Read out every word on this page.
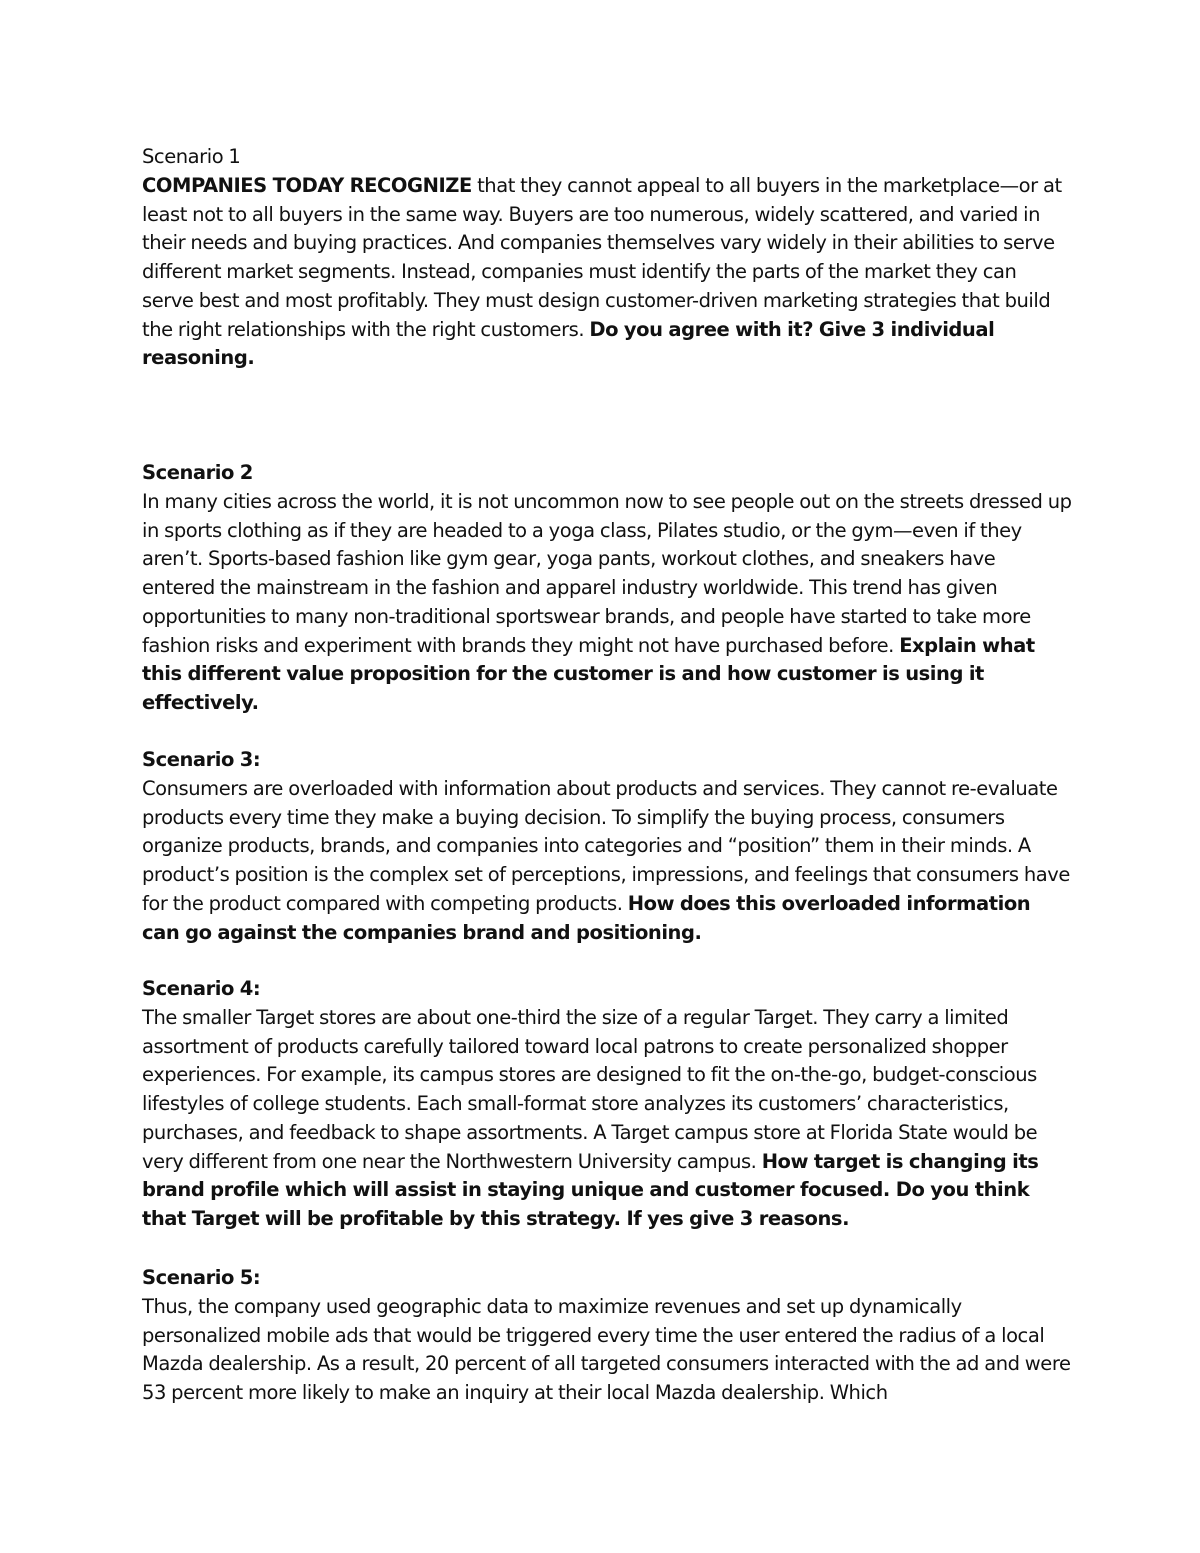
Scenario 1

COMPANIES TODAY RECOGNIZE that they cannot appeal to all buyers in the marketplace—or at least not to all buyers in the same way. Buyers are too numerous, widely scattered, and varied in their needs and buying practices. And companies themselves vary widely in their abilities to serve different market segments. Instead, companies must identify the parts of the market they can serve best and most profitably. They must design customer-driven marketing strategies that build the right relationships with the right customers. Do you agree with it? Give 3 individual reasoning.

Scenario 2

In many cities across the world, it is not uncommon now to see people out on the streets dressed up in sports clothing as if they are headed to a yoga class, Pilates studio, or the gym—even if they aren’t. Sports-based fashion like gym gear, yoga pants, workout clothes, and sneakers have entered the mainstream in the fashion and apparel industry worldwide. This trend has given opportunities to many non-traditional sportswear brands, and people have started to take more fashion risks and experiment with brands they might not have purchased before. Explain what this different value proposition for the customer is and how customer is using it effectively.

Scenario 3:

Consumers are overloaded with information about products and services. They cannot re-evaluate products every time they make a buying decision. To simplify the buying process, consumers organize products, brands, and companies into categories and “position” them in their minds. A product’s position is the complex set of perceptions, impressions, and feelings that consumers have for the product compared with competing products. How does this overloaded information can go against the companies brand and positioning.

Scenario 4:

The smaller Target stores are about one-third the size of a regular Target. They carry a limited assortment of products carefully tailored toward local patrons to create personalized shopper experiences. For example, its campus stores are designed to fit the on-the-go, budget-conscious lifestyles of college students. Each small-format store analyzes its customers’ characteristics, purchases, and feedback to shape assortments. A Target campus store at Florida State would be very different from one near the Northwestern University campus. How target is changing its brand profile which will assist in staying unique and customer focused. Do you think that Target will be profitable by this strategy. If yes give 3 reasons.

Scenario 5:

Thus, the company used geographic data to maximize revenues and set up dynamically personalized mobile ads that would be triggered every time the user entered the radius of a local Mazda dealership. As a result, 20 percent of all targeted consumers interacted with the ad and were 53 percent more likely to make an inquiry at their local Mazda dealership. Which
